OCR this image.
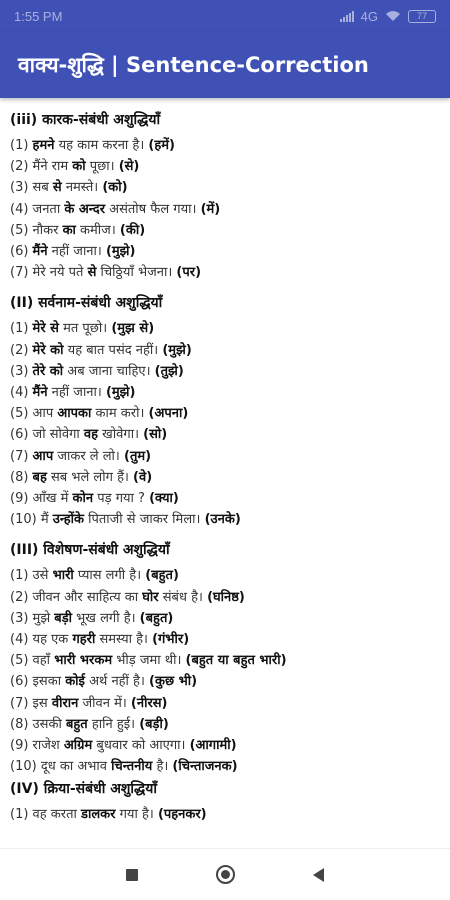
1:55 PM	4G	77
वाक्य-शुद्धि | Sentence-Correction
(iii) कारक-संबंधी अशुद्धियाँ
(1) हमने यह काम करना है। (हमें)
(2) मैंने राम को पूछा। (से)
(3) सब से नमस्ते। (को)
(4) जनता के अन्दर असंतोष फैल गया। (में)
(5) नौकर का कमीज। (की)
(6) मैंने नहीं जाना। (मुझे)
(7) मेरे नये पते से चिठ्ठियाँ भेजना। (पर)
(II) सर्वनाम-संबंधी अशुद्धियाँ
(1) मेरे से मत पूछो। (मुझ से)
(2) मेरे को यह बात पसंद नहीं। (मुझे)
(3) तेरे को अब जाना चाहिए। (तुझे)
(4) मैंने नहीं जाना। (मुझे)
(5) आप आपका काम करो। (अपना)
(6) जो सोवेगा वह खोवेगा। (सो)
(7) आप जाकर ले लो। (तुम)
(8) बह सब भले लोग हैं। (वे)
(9) आँख में कोन पड़ गया ? (क्या)
(10) मैं उन्होंके पिताजी से जाकर मिला। (उनके)
(III) विशेषण-संबंधी अशुद्धियाँ
(1) उसे भारी प्यास लगी है। (बहुत)
(2) जीवन और साहित्य का घोर संबंध है। (घनिष्ठ)
(3) मुझे बड़ी भूख लगी है। (बहुत)
(4) यह एक गहरी समस्या है। (गंभीर)
(5) वहाँ भारी भरकम भीड़ जमा थी। (बहुत या बहुत भारी)
(6) इसका कोई अर्थ नहीं है। (कुछ भी)
(7) इस वीरान जीवन में। (नीरस)
(8) उसकी बहुत हानि हुई। (बड़ी)
(9) राजेश अग्रिम बुधवार को आएगा। (आगामी)
(10) दूध का अभाव चिन्तनीय है। (चिन्ताजनक)
(IV) क्रिया-संबंधी अशुद्धियाँ
(1) वह करता डालकर गया है। (पहनकर)
